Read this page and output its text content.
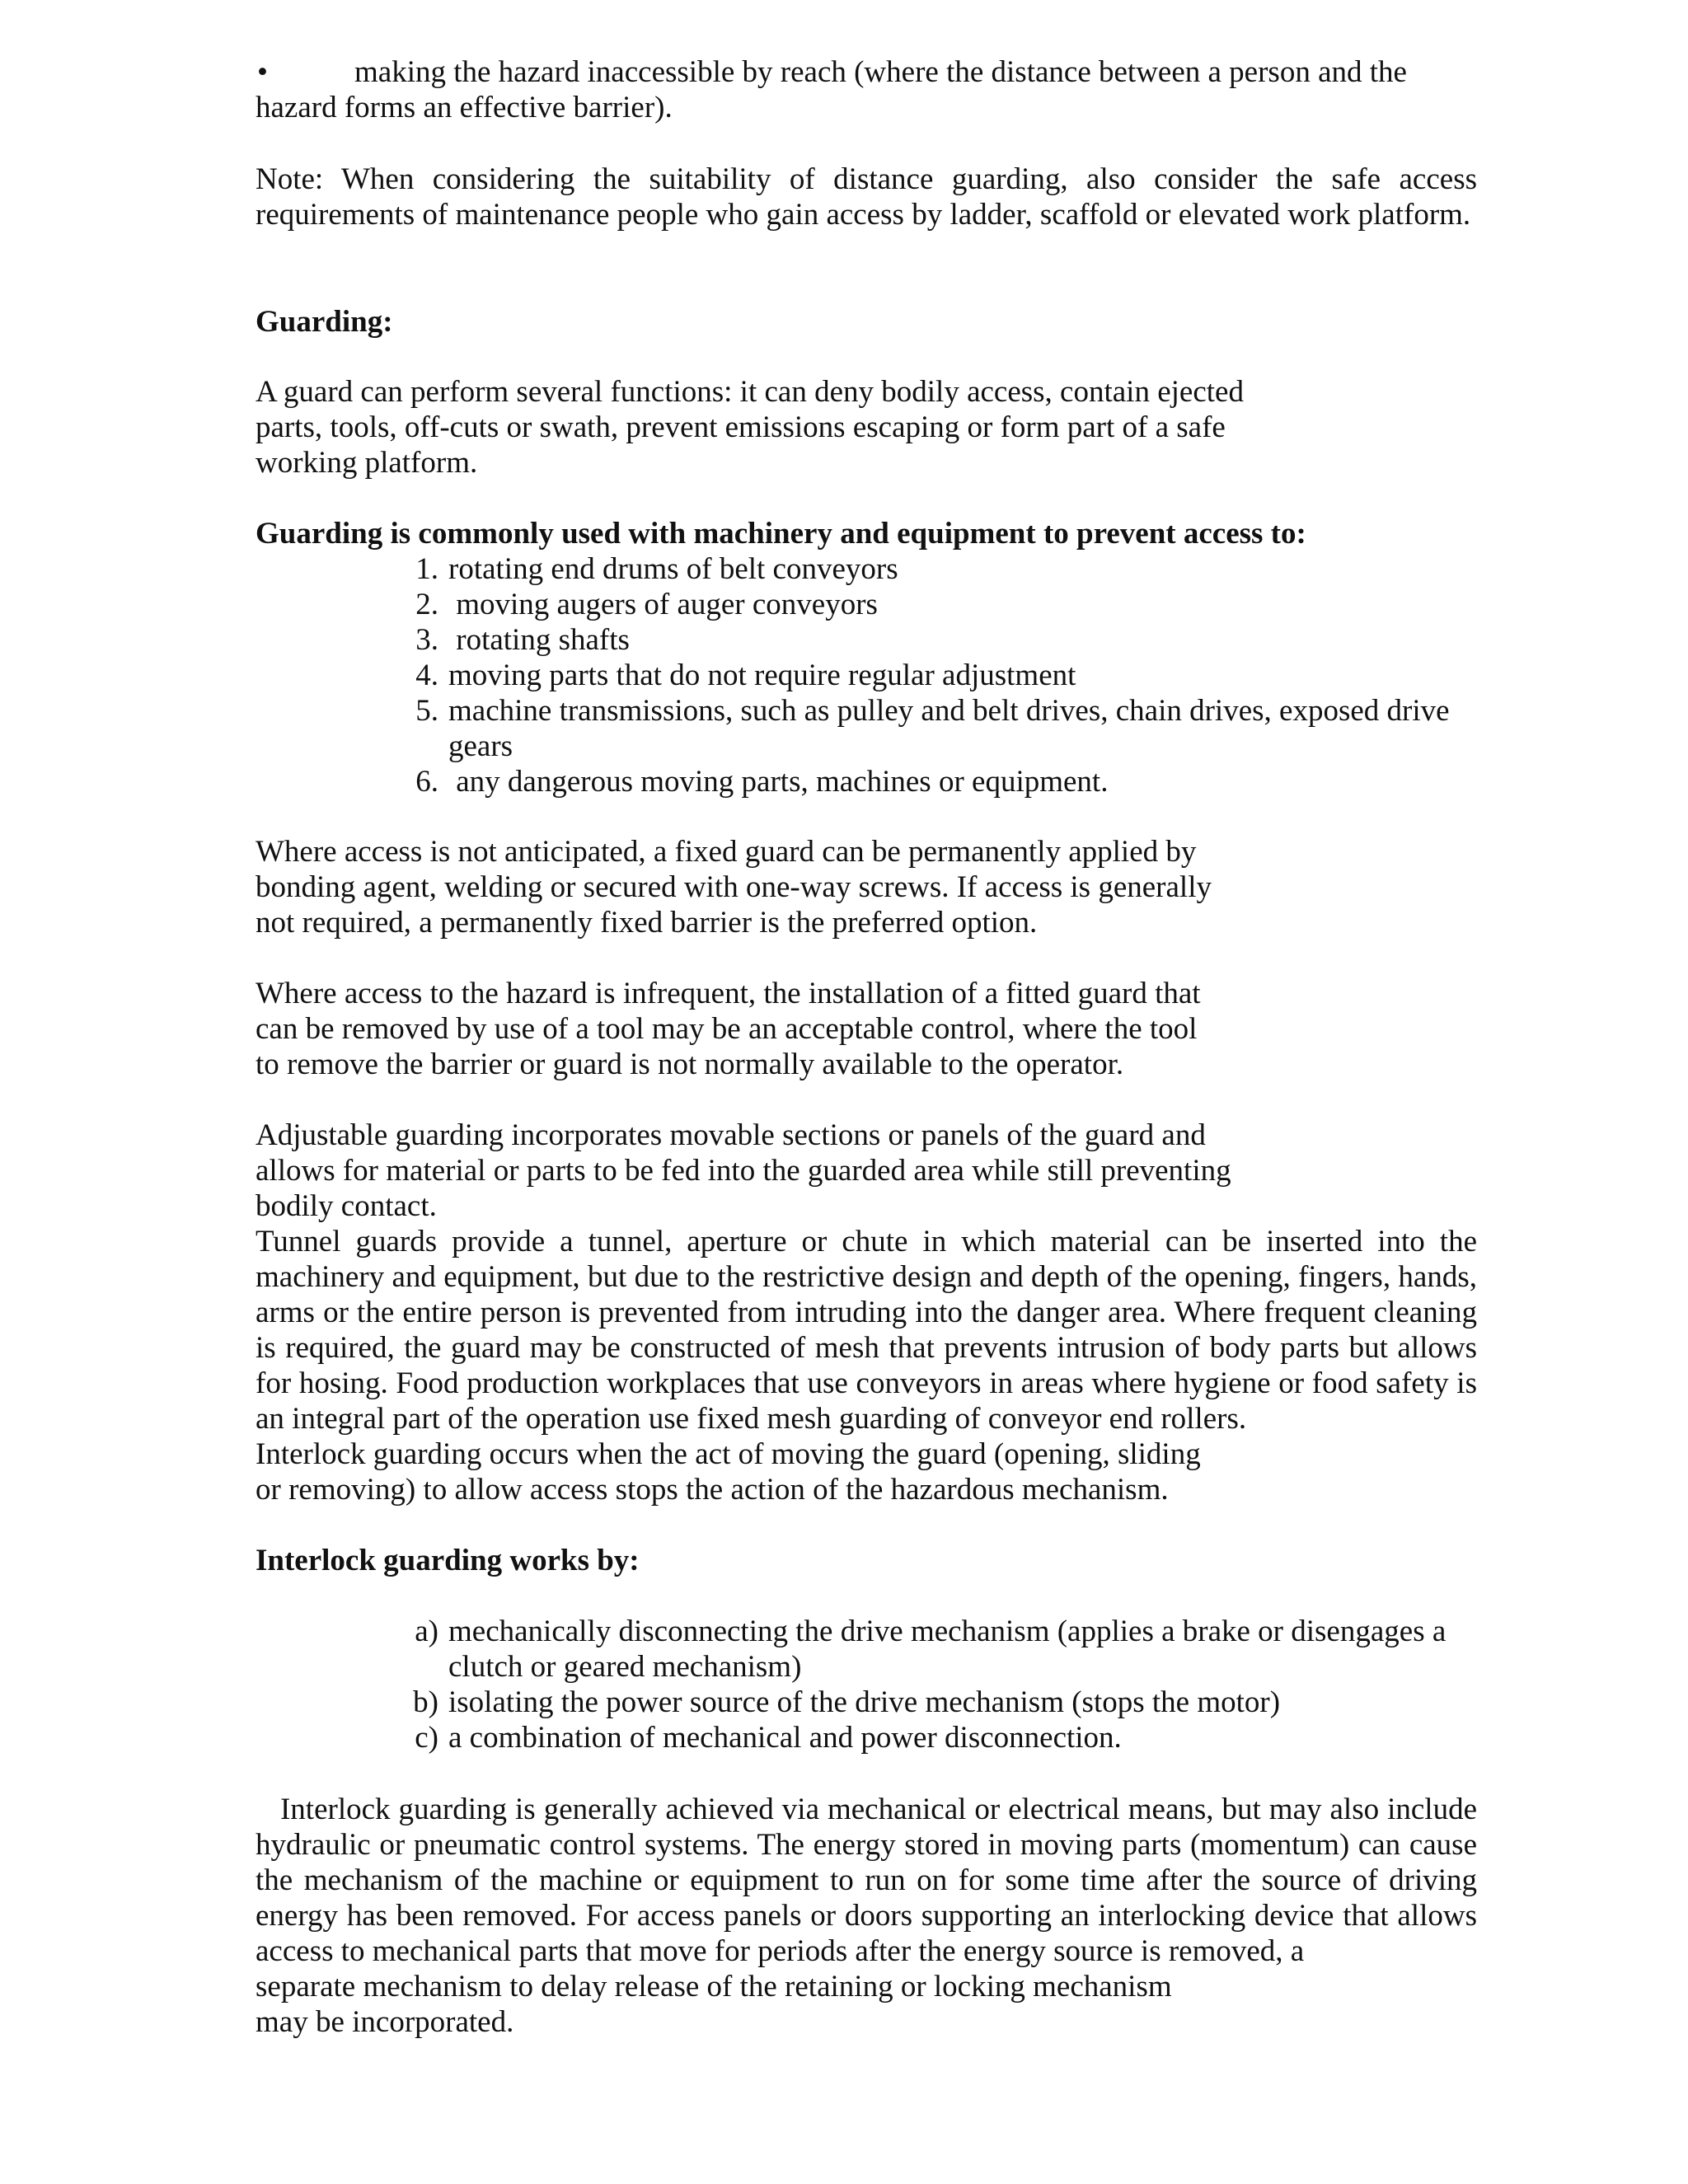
•	making the hazard inaccessible by reach (where the distance between a person and the

hazard forms an effective barrier).

Note: When considering the suitability of distance guarding, also consider the safe access requirements of maintenance people who gain access by ladder, scaffold or elevated work platform.

Guarding:

A guard can perform several functions: it can deny bodily access, contain ejected
parts, tools, off-cuts or swath, prevent emissions escaping or form part of a safe
working platform.

Guarding is commonly used with machinery and equipment to prevent access to:

1. rotating end drums of belt conveyors
2. moving augers of auger conveyors
3. rotating shafts
4. moving parts that do not require regular adjustment
5. machine transmissions, such as pulley and belt drives, chain drives, exposed drive gears
6. any dangerous moving parts, machines or equipment.
Where access is not anticipated, a fixed guard can be permanently applied by
bonding agent, welding or secured with one-way screws. If access is generally
not required, a permanently fixed barrier is the preferred option.
Where access to the hazard is infrequent, the installation of a fitted guard that
can be removed by use of a tool may be an acceptable control, where the tool
to remove the barrier or guard is not normally available to the operator.
Adjustable guarding incorporates movable sections or panels of the guard and
allows for material or parts to be fed into the guarded area while still preventing
bodily contact.

Tunnel guards provide a tunnel, aperture or chute in which material can be inserted into the machinery and equipment, but due to the restrictive design and depth of the opening, fingers, hands, arms or the entire person is prevented from intruding into the danger area. Where frequent cleaning is required, the guard may be constructed of mesh that prevents intrusion of body parts but allows for hosing. Food production workplaces that use conveyors in areas where hygiene or food safety is an integral part of the operation use fixed mesh guarding of conveyor end rollers.

Interlock guarding occurs when the act of moving the guard (opening, sliding
or removing) to allow access stops the action of the hazardous mechanism.

Interlock guarding works by:

a) mechanically disconnecting the drive mechanism (applies a brake or disengages a clutch or geared mechanism)
b) isolating the power source of the drive mechanism (stops the motor)
c) a combination of mechanical and power disconnection.

Interlock guarding is generally achieved via mechanical or electrical means, but may also include hydraulic or pneumatic control systems. The energy stored in moving parts (momentum) can cause the mechanism of the machine or equipment to run on for some time after the source of driving energy has been removed. For access panels or doors supporting an interlocking device that allows access to mechanical parts that move for periods after the energy source is removed, a

separate mechanism to delay release of the retaining or locking mechanism
may be incorporated.
